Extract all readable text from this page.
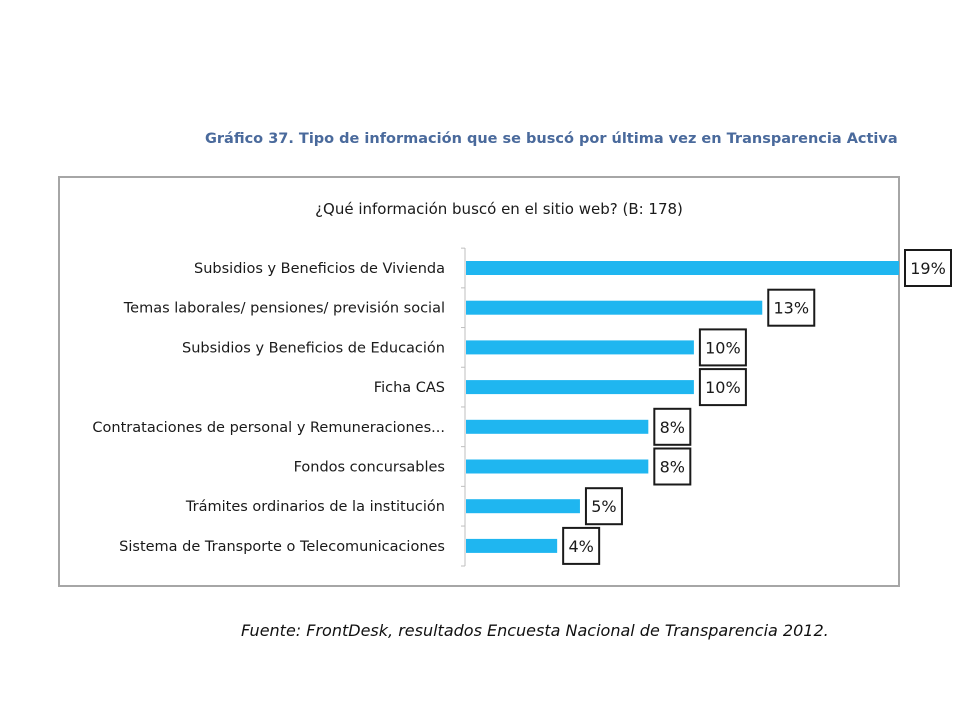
Gráfico 37. Tipo de información que se buscó por última vez en Transparencia Activa
¿Qué información buscó en el sitio web? (B: 178)
Subsidios y Beneficios de Vivienda	19%
Temas laborales/ pensiones/ previsión social	13%
Subsidios y Beneficios de Educación	10%
Ficha CAS	10%
Contrataciones de personal y Remuneraciones...	8%
Fondos concursables	8%
Trámites ordinarios de la institución	5%
Sistema de Transporte o Telecomunicaciones	4%
Fuente: FrontDesk, resultados Encuesta Nacional de Transparencia 2012.
